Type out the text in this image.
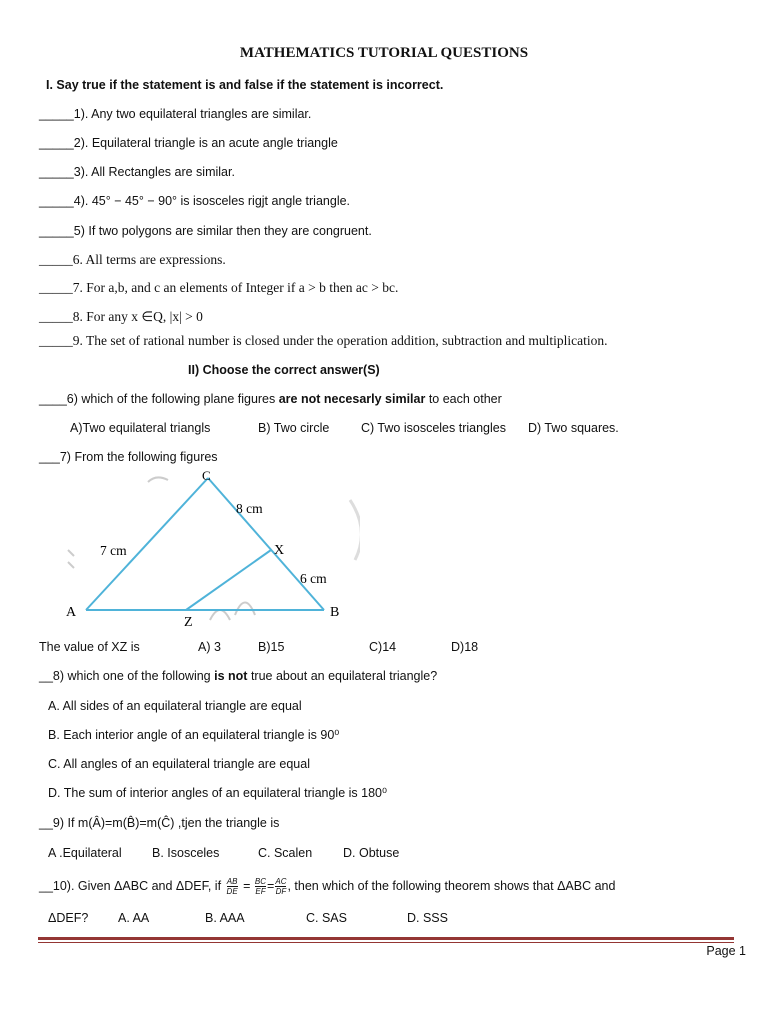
MATHEMATICS TUTORIAL QUESTIONS
I. Say true if the statement is and false if the statement is incorrect.
_____1). Any two equilateral triangles are similar.
_____2). Equilateral triangle is an acute angle triangle
_____3). All Rectangles are similar.
_____4). 45° − 45° − 90° is isosceles rigjt angle triangle.
_____5) If two polygons are similar then they are congruent.
_____6. All terms are expressions.
_____7. For a,b, and c an elements of Integer if a > b then ac > bc.
_____8. For any x ∈Q, |x| > 0
_____9. The set of rational number is closed under the operation addition, subtraction and multiplication.
II) Choose the correct answer(S)
____6) which of the following plane figures are not necesarly similar to each other
A)Two equilateral triangls	B) Two circle	C) Two isosceles triangles D) Two squares.
___7) From the following figures
C
8 cm
7 cm	X
6 cm
A	B
Z
The value of XZ is	A) 3	B)15	C)14	D)18
__8) which one of the following is not true about an equilateral triangle?
A. All sides of an equilateral triangle are equal
B. Each interior angle of an equilateral triangle is 90⁰
C. All angles of an equilateral triangle are equal
D. The sum of interior angles of an equilateral triangle is 180⁰
__9) If m(Â)=m(B̂)=m(Ĉ) ,tjen the triangle is
A .Equilateral B. Isosceles	C. Scalen D. Obtuse
__10). Given ΔABC and ΔDEF, if $\frac{AB}{DE} = \frac{BC}{EF} = \frac{AC}{DF}$ , then which of the following theorem shows that ΔABC and
ΔDEF? A. AA	B. AAA	C. SAS	D. SSS
Page 1
